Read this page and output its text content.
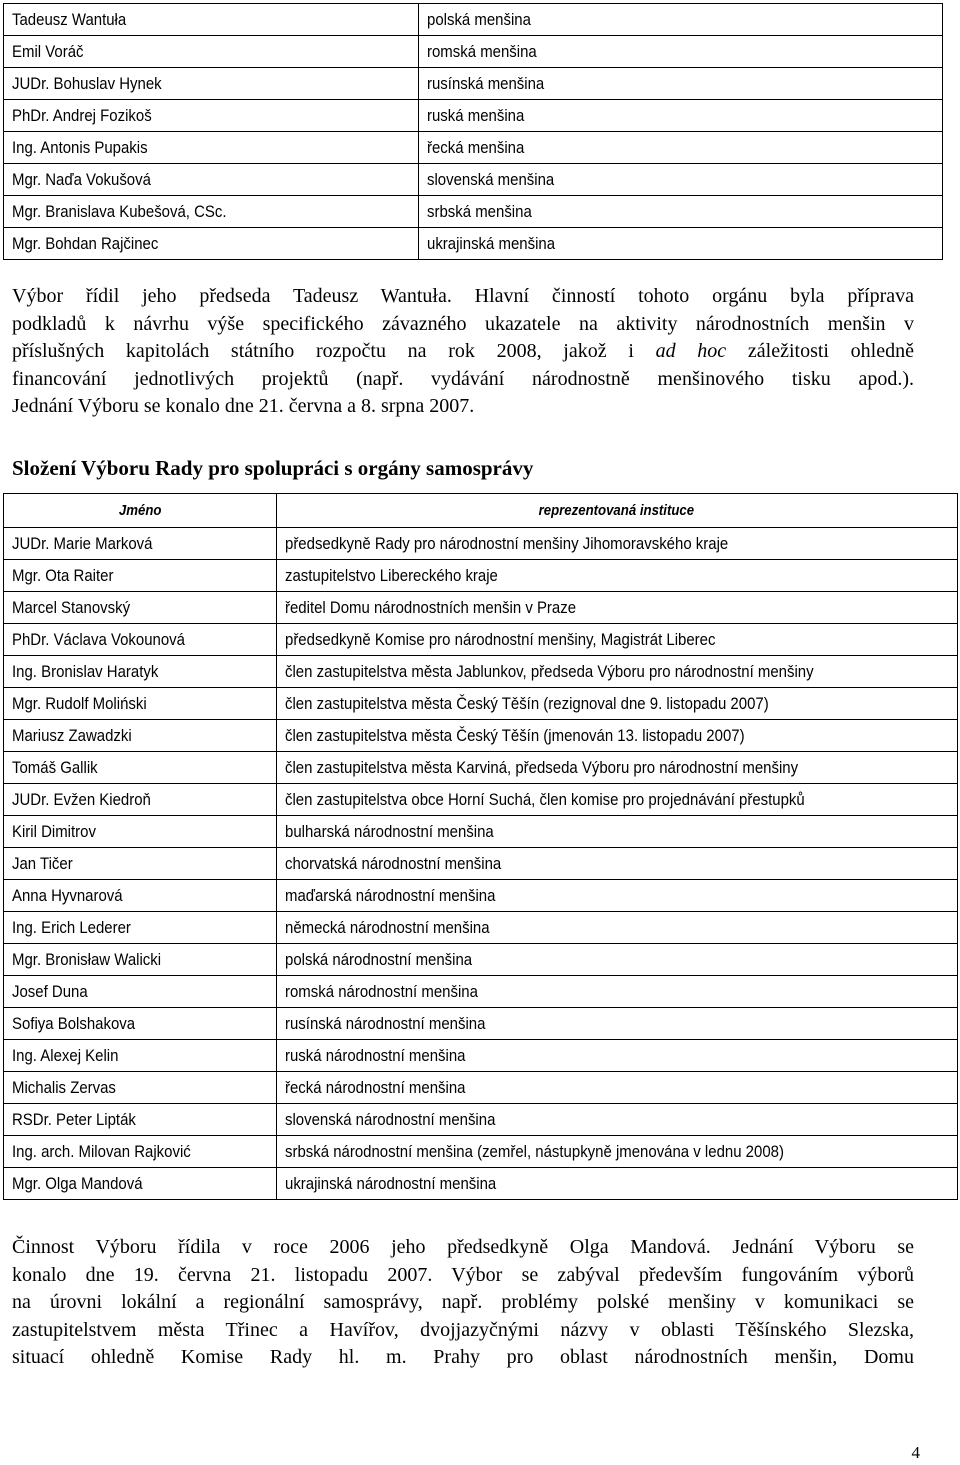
Tadeusz Wantuła	polská menšina
Emil Voráč	romská menšina
JUDr. Bohuslav Hynek	rusínská menšina
PhDr. Andrej Fozikoš	ruská menšina
Ing. Antonis Pupakis	řecká menšina
Mgr. Naďa Vokušová	slovenská menšina
Mgr. Branislava Kubešová, CSc.	srbská menšina
Mgr. Bohdan Rajčinec	ukrajinská menšina

Výbor řídil jeho předseda Tadeusz Wantuła. Hlavní činností tohoto orgánu byla příprava

podkladů k návrhu výše specifického závazného ukazatele na aktivity národnostních menšin v

příslušných kapitolách státního rozpočtu na rok 2008, jakož i ad hoc záležitosti ohledně

financování jednotlivých projektů (např. vydávání národnostně menšinového tisku apod.).

Jednání Výboru se konalo dne 21. června a 8. srpna 2007.

Složení Výboru Rady pro spolupráci s orgány samosprávy
Jméno	reprezentovaná instituce
JUDr. Marie Marková	předsedkyně Rady pro národnostní menšiny Jihomoravského kraje
Mgr. Ota Raiter	zastupitelstvo Libereckého kraje
Marcel Stanovský	ředitel Domu národnostních menšin v Praze
PhDr. Václava Vokounová	předsedkyně Komise pro národnostní menšiny, Magistrát Liberec
Ing. Bronislav Haratyk	člen zastupitelstva města Jablunkov, předseda Výboru pro národnostní menšiny
Mgr. Rudolf Moliński	člen zastupitelstva města Český Těšín (rezignoval dne 9. listopadu 2007)
Mariusz Zawadzki	člen zastupitelstva města Český Těšín (jmenován 13. listopadu 2007)
Tomáš Gallik	člen zastupitelstva města Karviná, předseda Výboru pro národnostní menšiny
JUDr. Evžen Kiedroň	člen zastupitelstva obce Horní Suchá, člen komise pro projednávání přestupků
Kiril Dimitrov	bulharská národnostní menšina
Jan Tičer	chorvatská národnostní menšina
Anna Hyvnarová	maďarská národnostní menšina
Ing. Erich Lederer	německá národnostní menšina
Mgr. Bronisław Walicki	polská národnostní menšina
Josef Duna	romská národnostní menšina
Sofiya Bolshakova	rusínská národnostní menšina
Ing. Alexej Kelin	ruská národnostní menšina
Michalis Zervas	řecká národnostní menšina
RSDr. Peter Lipták	slovenská národnostní menšina
Ing. arch. Milovan Rajković	srbská národnostní menšina (zemřel, nástupkyně jmenována v lednu 2008)
Mgr. Olga Mandová	ukrajinská národnostní menšina

Činnost Výboru řídila v roce 2006 jeho předsedkyně Olga Mandová. Jednání Výboru se

konalo dne 19. června 21. listopadu 2007. Výbor se zabýval především fungováním výborů

na úrovni lokální a regionální samosprávy, např. problémy polské menšiny v komunikaci se

zastupitelstvem města Třinec a Havířov, dvojjazyčnými názvy v oblasti Těšínského Slezska,

situací ohledně Komise Rady hl. m. Prahy pro oblast národnostních menšin, Domu

4
